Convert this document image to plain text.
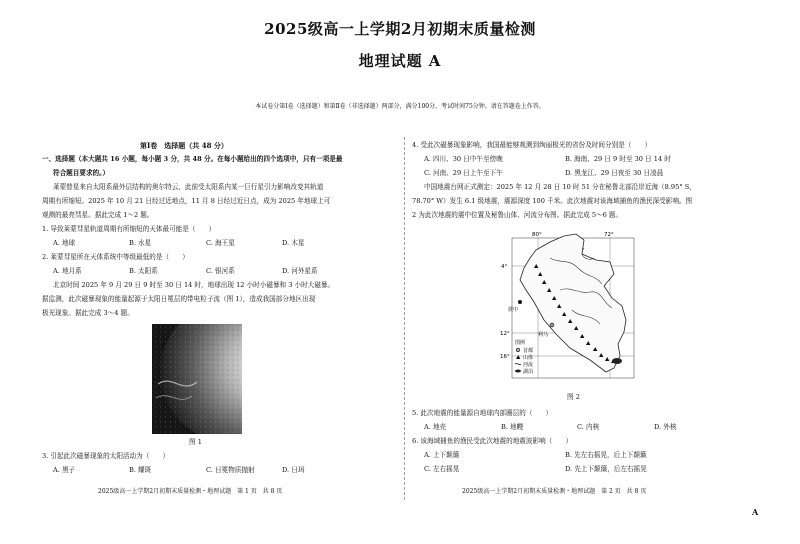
2025级高一上学期2月初期末质量检测
地理试题 A
本试卷分第Ⅰ卷（选择题）和第Ⅱ卷（非选择题）两部分，满分100分，考试时间75分钟。请在答题卷上作答。
第Ⅰ卷　选择题（共 48 分）
一、选择题（本大题共 16 小题，每小题 3 分，共 48 分。在每小题给出的四个选项中，只有一项是最
符合题目要求的。）
莱蒙替星来自太阳系最外层结构的奥尔特云，此前受太阳系内某一巨行星引力影响改变其轨道
周期有所缩短。2025 年 10 月 21 日经过近地点，11 月 8 日经过近日点，成为 2025 年地球上可
观测的最亮彗星。据此完成 1～2 题。
1. 导致莱蒙彗星轨道周期有所缩短的天体最可能是（　　）
A. 地球	B. 水星	C. 海王星	D. 木星
2. 莱蒙彗星所在天体系统中等级最低的是（　　）
A. 地月系	B. 太阳系	C. 银河系	D. 河外星系
北京时间 2025 年 9 月 29 日 9 时至 30 日 14 时，地球出现 12 小时小磁暴和 3 小时大磁暴。
据监测，此次磁暴现象的能量起源于太阳日冕层的带电粒子流（图 1），造成我国部分地区出现
极光现象。据此完成 3～4 题。
图 1
3. 引起此次磁暴现象的太阳活动为（　　）
A. 黑子	B. 耀斑	C. 日冕物质抛射	D. 日珥
2025级高一上学期2月初期末质量检测・地理试题　第 1 页　共 8 页
4. 受此次磁暴现象影响，我国最能够观测到绚丽极光的省份及时间分别是（　　）
A. 四川、30 日中午至傍晚	B. 海南、29 日 9 时至 30 日 14 时
C. 河南、29 日上午至下午	D. 黑龙江、29 日夜至 30 日凌晨
中国地震台网正式测定：2025 年 12 月 28 日 10 时 51 分在秘鲁北部沿岸近海（8.95° S，
78.70° W）发生 6.1 级地震，震源深度 100 千米。此次地震对该海域捕鱼的渔民深受影响。图
2 为此次地震的震中位置及秘鲁山体、河流分布图。据此完成 5～6 题。
4°
12°
16°
80°	72°
利马
震中
图例
首都
山体
河流
湖泊
图 2
5. 此次地震的能量源自地球内部圈层的（　　）
A. 地壳	B. 地幔	C. 内核	D. 外核
6. 该海域捕鱼的渔民受此次地震的地震波影响（　　）
A. 上下颠簸	B. 先左右摇晃，后上下颠簸
C. 左右摇晃	D. 先上下颠簸，后左右摇晃
2025级高一上学期2月初期末质量检测・地理试题　第 2 页　共 8 页
A
